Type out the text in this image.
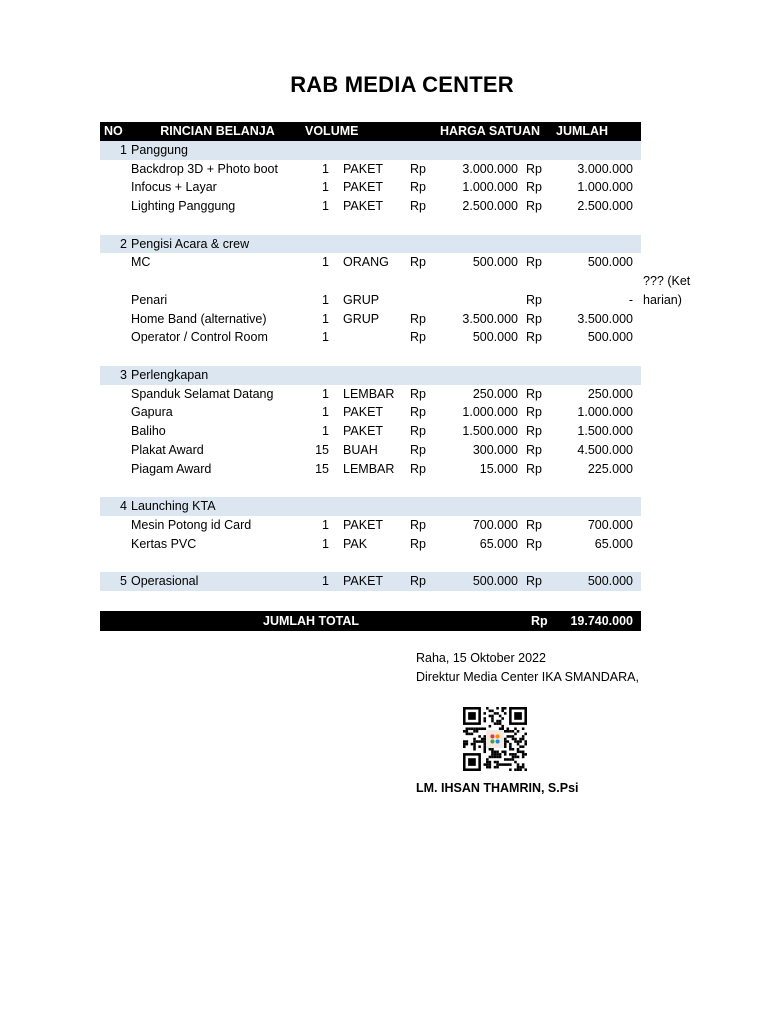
RAB MEDIA CENTER
NO	RINCIAN BELANJA	VOLUME			HARGA SATUAN		JUMLAH
1	Panggung						
	Backdrop 3D + Photo boot	1	PAKET	Rp	3.000.000	Rp	3.000.000
	Infocus + Layar	1	PAKET	Rp	1.000.000	Rp	1.000.000
	Lighting Panggung	1	PAKET	Rp	2.500.000	Rp	2.500.000

2	Pengisi Acara & crew						
	MC	1	ORANG	Rp	500.000	Rp	500.000

	Penari	1	GRUP			Rp	-
	Home Band (alternative)	1	GRUP	Rp	3.500.000	Rp	3.500.000
	Operator / Control Room	1		Rp	500.000	Rp	500.000

3	Perlengkapan						
	Spanduk Selamat Datang	1	LEMBAR	Rp	250.000	Rp	250.000
	Gapura	1	PAKET	Rp	1.000.000	Rp	1.000.000
	Baliho	1	PAKET	Rp	1.500.000	Rp	1.500.000
	Plakat Award	15	BUAH	Rp	300.000	Rp	4.500.000
	Piagam Award	15	LEMBAR	Rp	15.000	Rp	225.000

4	Launching KTA						
	Mesin Potong id Card	1	PAKET	Rp	700.000	Rp	700.000
	Kertas PVC	1	PAK	Rp	65.000	Rp	65.000

5	Operasional	1	PAKET	Rp	500.000	Rp	500.000
??? (Ket harian)
JUMLAH TOTAL	Rp 19.740.000
Raha, 15 Oktober 2022
Direktur Media Center IKA SMANDARA,
LM. IHSAN THAMRIN, S.Psi
